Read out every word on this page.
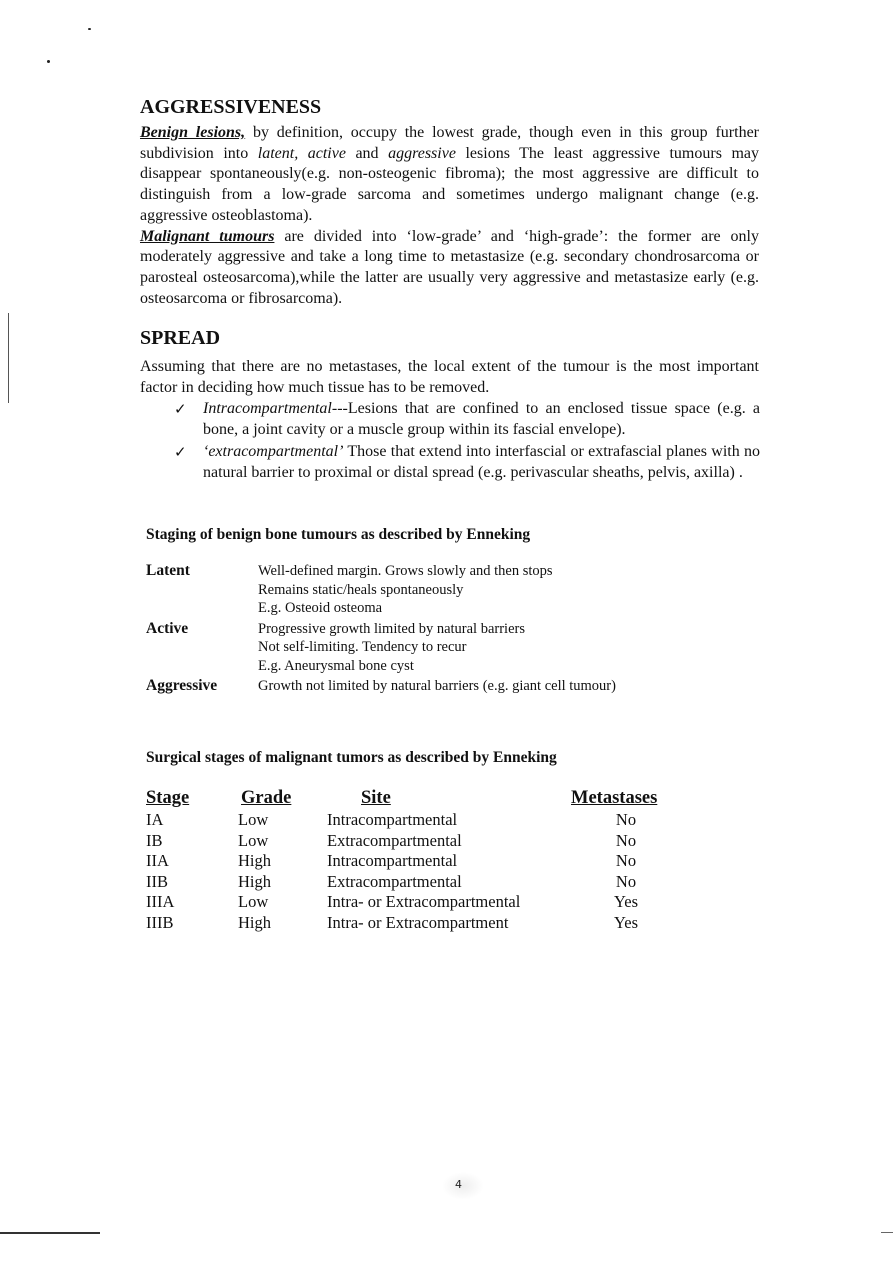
AGGRESSIVENESS

Benign lesions, by definition, occupy the lowest grade, though even in this group further subdivision into latent, active and aggressive lesions The least aggressive tumours may disappear spontaneously(e.g. non-osteogenic fibroma); the most aggressive are difficult to distinguish from a low-grade sarcoma and sometimes undergo malignant change (e.g. aggressive osteoblastoma).
Malignant tumours are divided into ‘low-grade’ and ‘high-grade’: the former are only moderately aggressive and take a long time to metastasize (e.g. secondary chondrosarcoma or parosteal osteosarcoma),while the latter are usually very aggressive and metastasize early (e.g. osteosarcoma or fibrosarcoma).

SPREAD

Assuming that there are no metastases, the local extent of the tumour is the most important factor in deciding how much tissue has to be removed.

✓ Intracompartmental---Lesions that are confined to an enclosed tissue space (e.g. a bone, a joint cavity or a muscle group within its fascial envelope).
✓ ‘extracompartmental’ Those that extend into interfascial or extrafascial planes with no natural barrier to proximal or distal spread (e.g. perivascular sheaths, pelvis, axilla) .
Staging of benign bone tumours as described by Enneking
Latent	Well-defined margin. Grows slowly and then stops
Remains static/heals spontaneously
E.g. Osteoid osteoma
Active	Progressive growth limited by natural barriers
Not self-limiting. Tendency to recur
E.g. Aneurysmal bone cyst
Aggressive	Growth not limited by natural barriers (e.g. giant cell tumour)
Surgical stages of malignant tumors as described by Enneking
Stage	Grade	Site	Metastases
IA	Low	Intracompartmental	No
IB	Low	Extracompartmental	No
IIA	High	Intracompartmental	No
IIB	High	Extracompartmental	No
IIIA	Low	Intra- or Extracompartmental	Yes
IIIB	High	Intra- or Extracompartment	Yes
4
